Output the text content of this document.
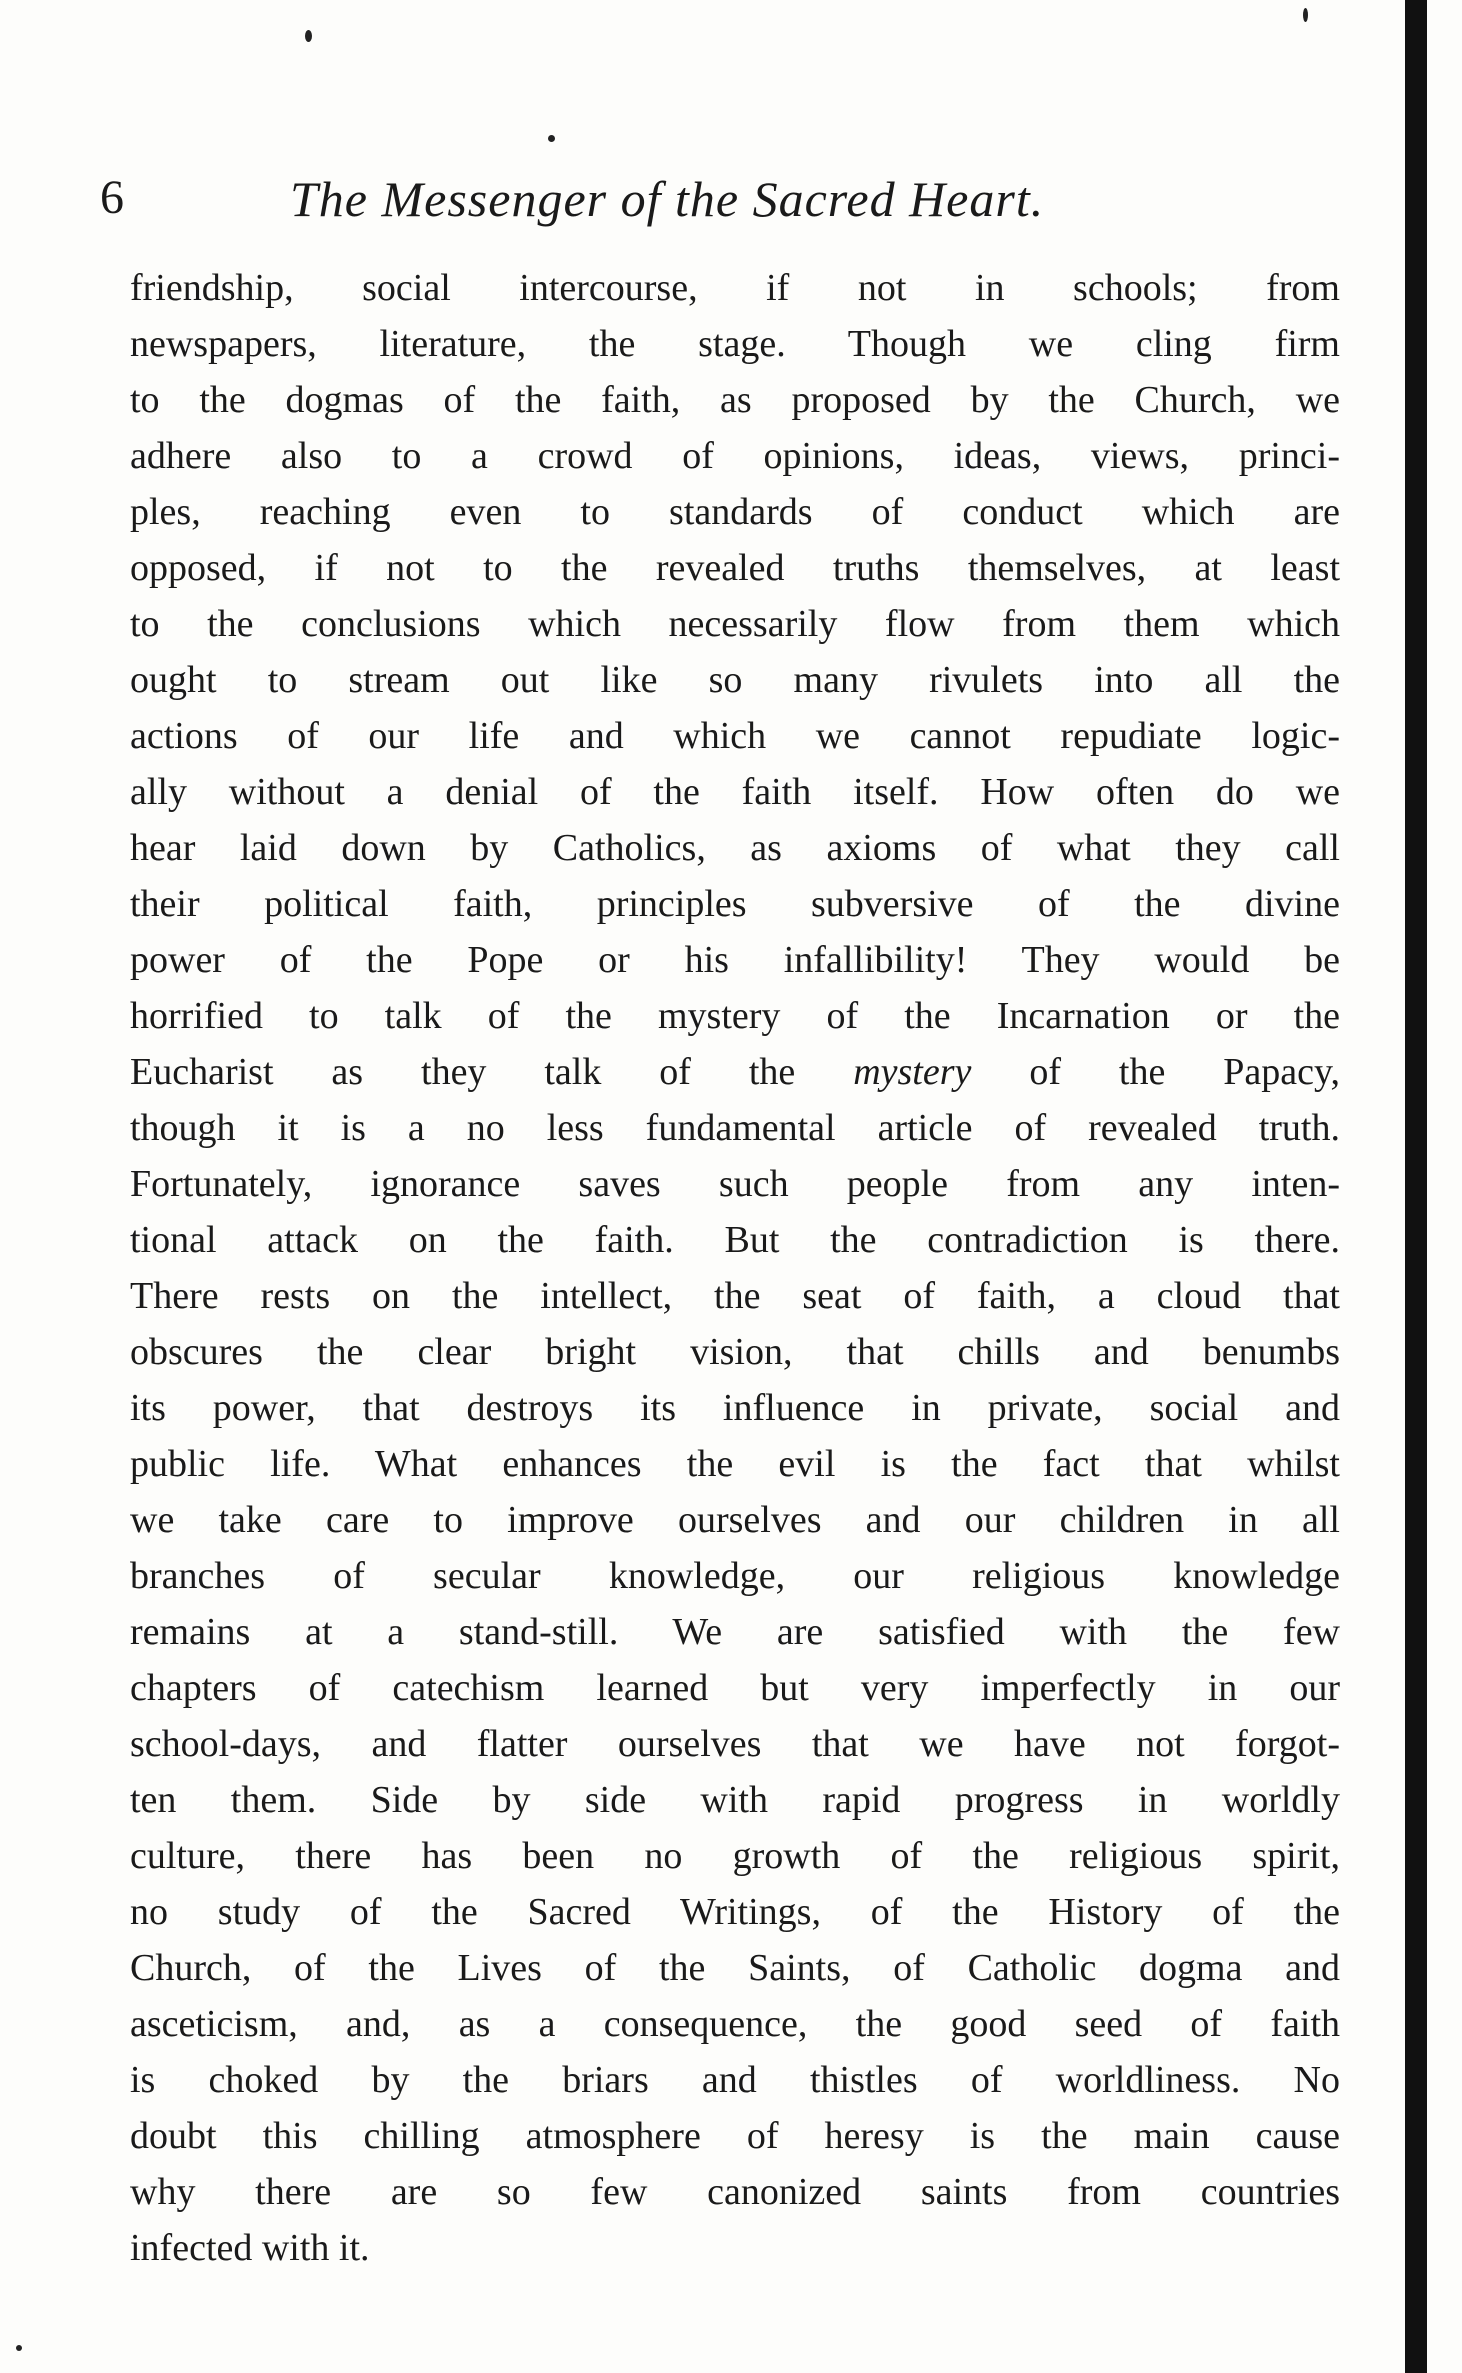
6	The Messenger of the Sacred Heart.
friendship, social intercourse, if not in schools; from
newspapers, literature, the stage. Though we cling firm
to the dogmas of the faith, as proposed by the Church, we
adhere also to a crowd of opinions, ideas, views, princi-
ples, reaching even to standards of conduct which are
opposed, if not to the revealed truths themselves, at least
to the conclusions which necessarily flow from them which
ought to stream out like so many rivulets into all the
actions of our life and which we cannot repudiate logic-
ally without a denial of the faith itself. How often do we
hear laid down by Catholics, as axioms of what they call
their political faith, principles subversive of the divine
power of the Pope or his infallibility! They would be
horrified to talk of the mystery of the Incarnation or the
Eucharist as they talk of the mystery of the Papacy,
though it is a no less fundamental article of revealed truth.
Fortunately, ignorance saves such people from any inten-
tional attack on the faith. But the contradiction is there.
There rests on the intellect, the seat of faith, a cloud that
obscures the clear bright vision, that chills and benumbs
its power, that destroys its influence in private, social and
public life. What enhances the evil is the fact that whilst
we take care to improve ourselves and our children in all
branches of secular knowledge, our religious knowledge
remains at a stand-still. We are satisfied with the few
chapters of catechism learned but very imperfectly in our
school-days, and flatter ourselves that we have not forgot-
ten them. Side by side with rapid progress in worldly
culture, there has been no growth of the religious spirit,
no study of the Sacred Writings, of the History of the
Church, of the Lives of the Saints, of Catholic dogma and
asceticism, and, as a consequence, the good seed of faith
is choked by the briars and thistles of worldliness. No
doubt this chilling atmosphere of heresy is the main cause
why there are so few canonized saints from countries
infected with it.
